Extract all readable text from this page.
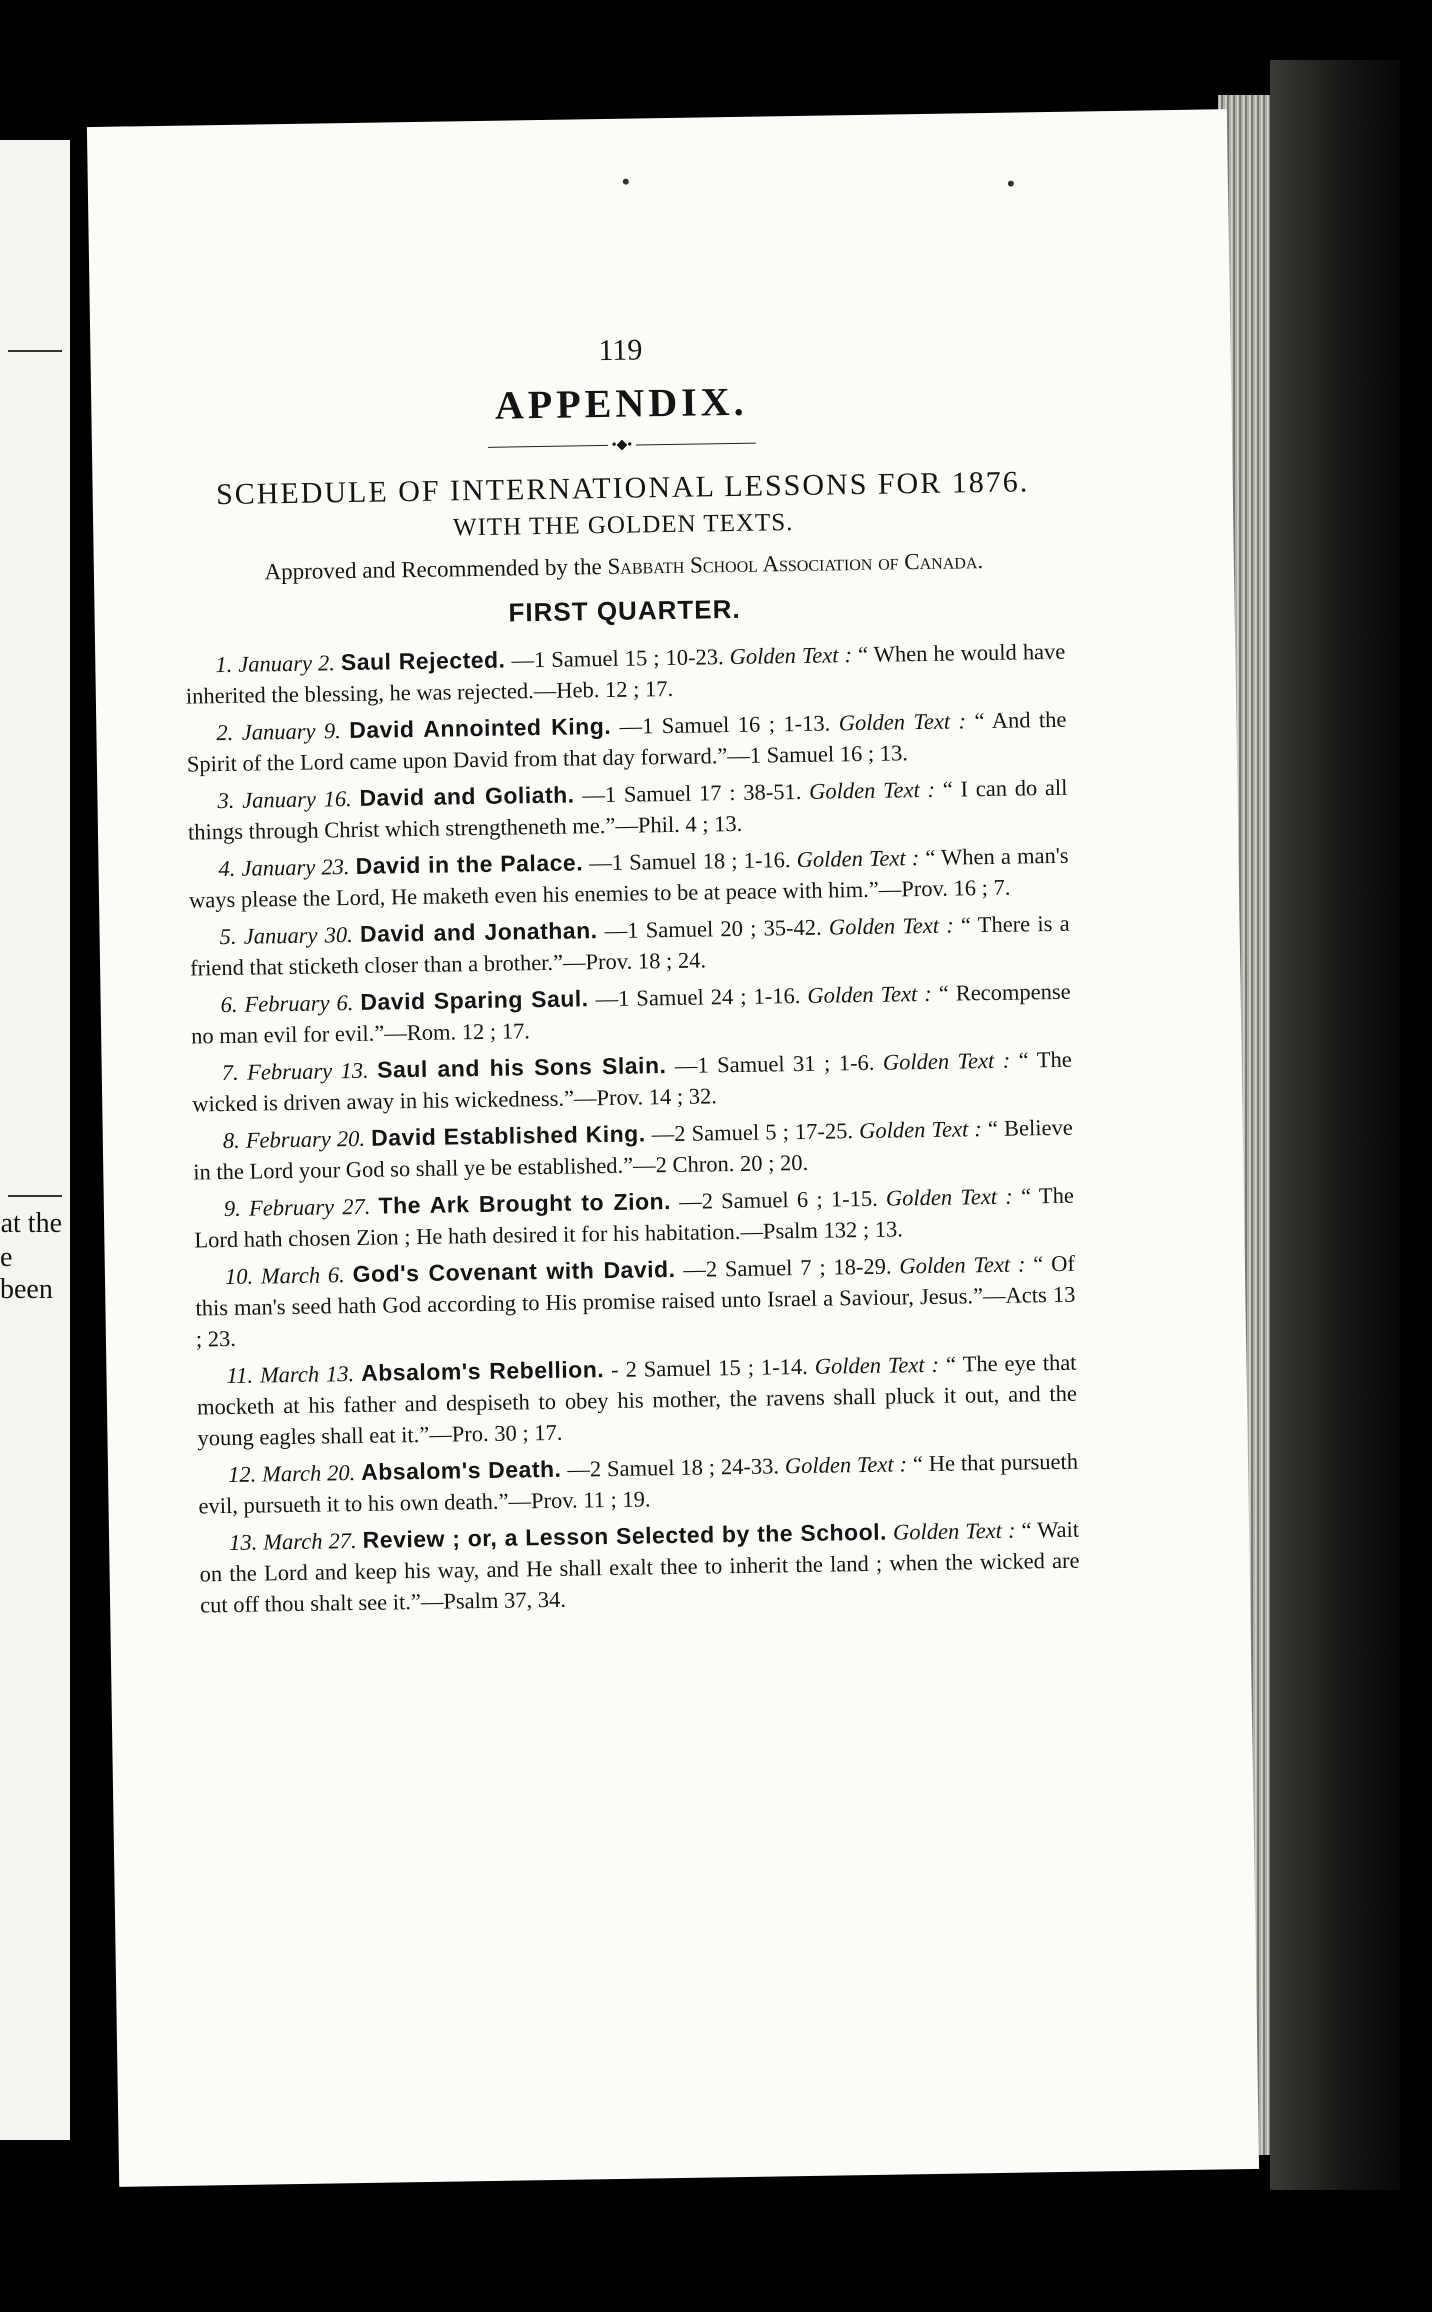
at the
e been
119
APPENDIX.
•◆•
SCHEDULE OF INTERNATIONAL LESSONS FOR 1876.
WITH THE GOLDEN TEXTS.
Approved and Recommended by the Sabbath School Association of Canada.
FIRST QUARTER.

1. January 2. Saul Rejected. —1 Samuel 15 ; 10-23. Golden Text : “ When he would have inherited the blessing, he was rejected.—Heb. 12 ; 17.

2. January 9. David Annointed King. —1 Samuel 16 ; 1-13. Golden Text : “ And the Spirit of the Lord came upon David from that day forward.”—1 Samuel 16 ; 13.

3. January 16. David and Goliath. —1 Samuel 17 : 38-51. Golden Text : “ I can do all things through Christ which strengtheneth me.”—Phil. 4 ; 13.

4. January 23. David in the Palace. —1 Samuel 18 ; 1-16. Golden Text : “ When a man's ways please the Lord, He maketh even his enemies to be at peace with him.”—Prov. 16 ; 7.

5. January 30. David and Jonathan. —1 Samuel 20 ; 35-42. Golden Text : “ There is a friend that sticketh closer than a brother.”—Prov. 18 ; 24.

6. February 6. David Sparing Saul. —1 Samuel 24 ; 1-16. Golden Text : “ Recompense no man evil for evil.”—Rom. 12 ; 17.

7. February 13. Saul and his Sons Slain. —1 Samuel 31 ; 1-6. Golden Text : “ The wicked is driven away in his wickedness.”—Prov. 14 ; 32.

8. February 20. David Established King. —2 Samuel 5 ; 17-25. Golden Text : “ Believe in the Lord your God so shall ye be established.”—2 Chron. 20 ; 20.

9. February 27. The Ark Brought to Zion. —2 Samuel 6 ; 1-15. Golden Text : “ The Lord hath chosen Zion ; He hath desired it for his habitation.—Psalm 132 ; 13.

10. March 6. God's Covenant with David. —2 Samuel 7 ; 18-29. Golden Text : “ Of this man's seed hath God according to His promise raised unto Israel a Saviour, Jesus.”—Acts 13 ; 23.

11. March 13. Absalom's Rebellion. - 2 Samuel 15 ; 1-14. Golden Text : “ The eye that mocketh at his father and despiseth to obey his mother, the ravens shall pluck it out, and the young eagles shall eat it.”—Pro. 30 ; 17.

12. March 20. Absalom's Death. —2 Samuel 18 ; 24-33. Golden Text : “ He that pursueth evil, pursueth it to his own death.”—Prov. 11 ; 19.

13. March 27. Review ; or, a Lesson Selected by the School. Golden Text : “ Wait on the Lord and keep his way, and He shall exalt thee to inherit the land ; when the wicked are cut off thou shalt see it.”—Psalm 37, 34.
